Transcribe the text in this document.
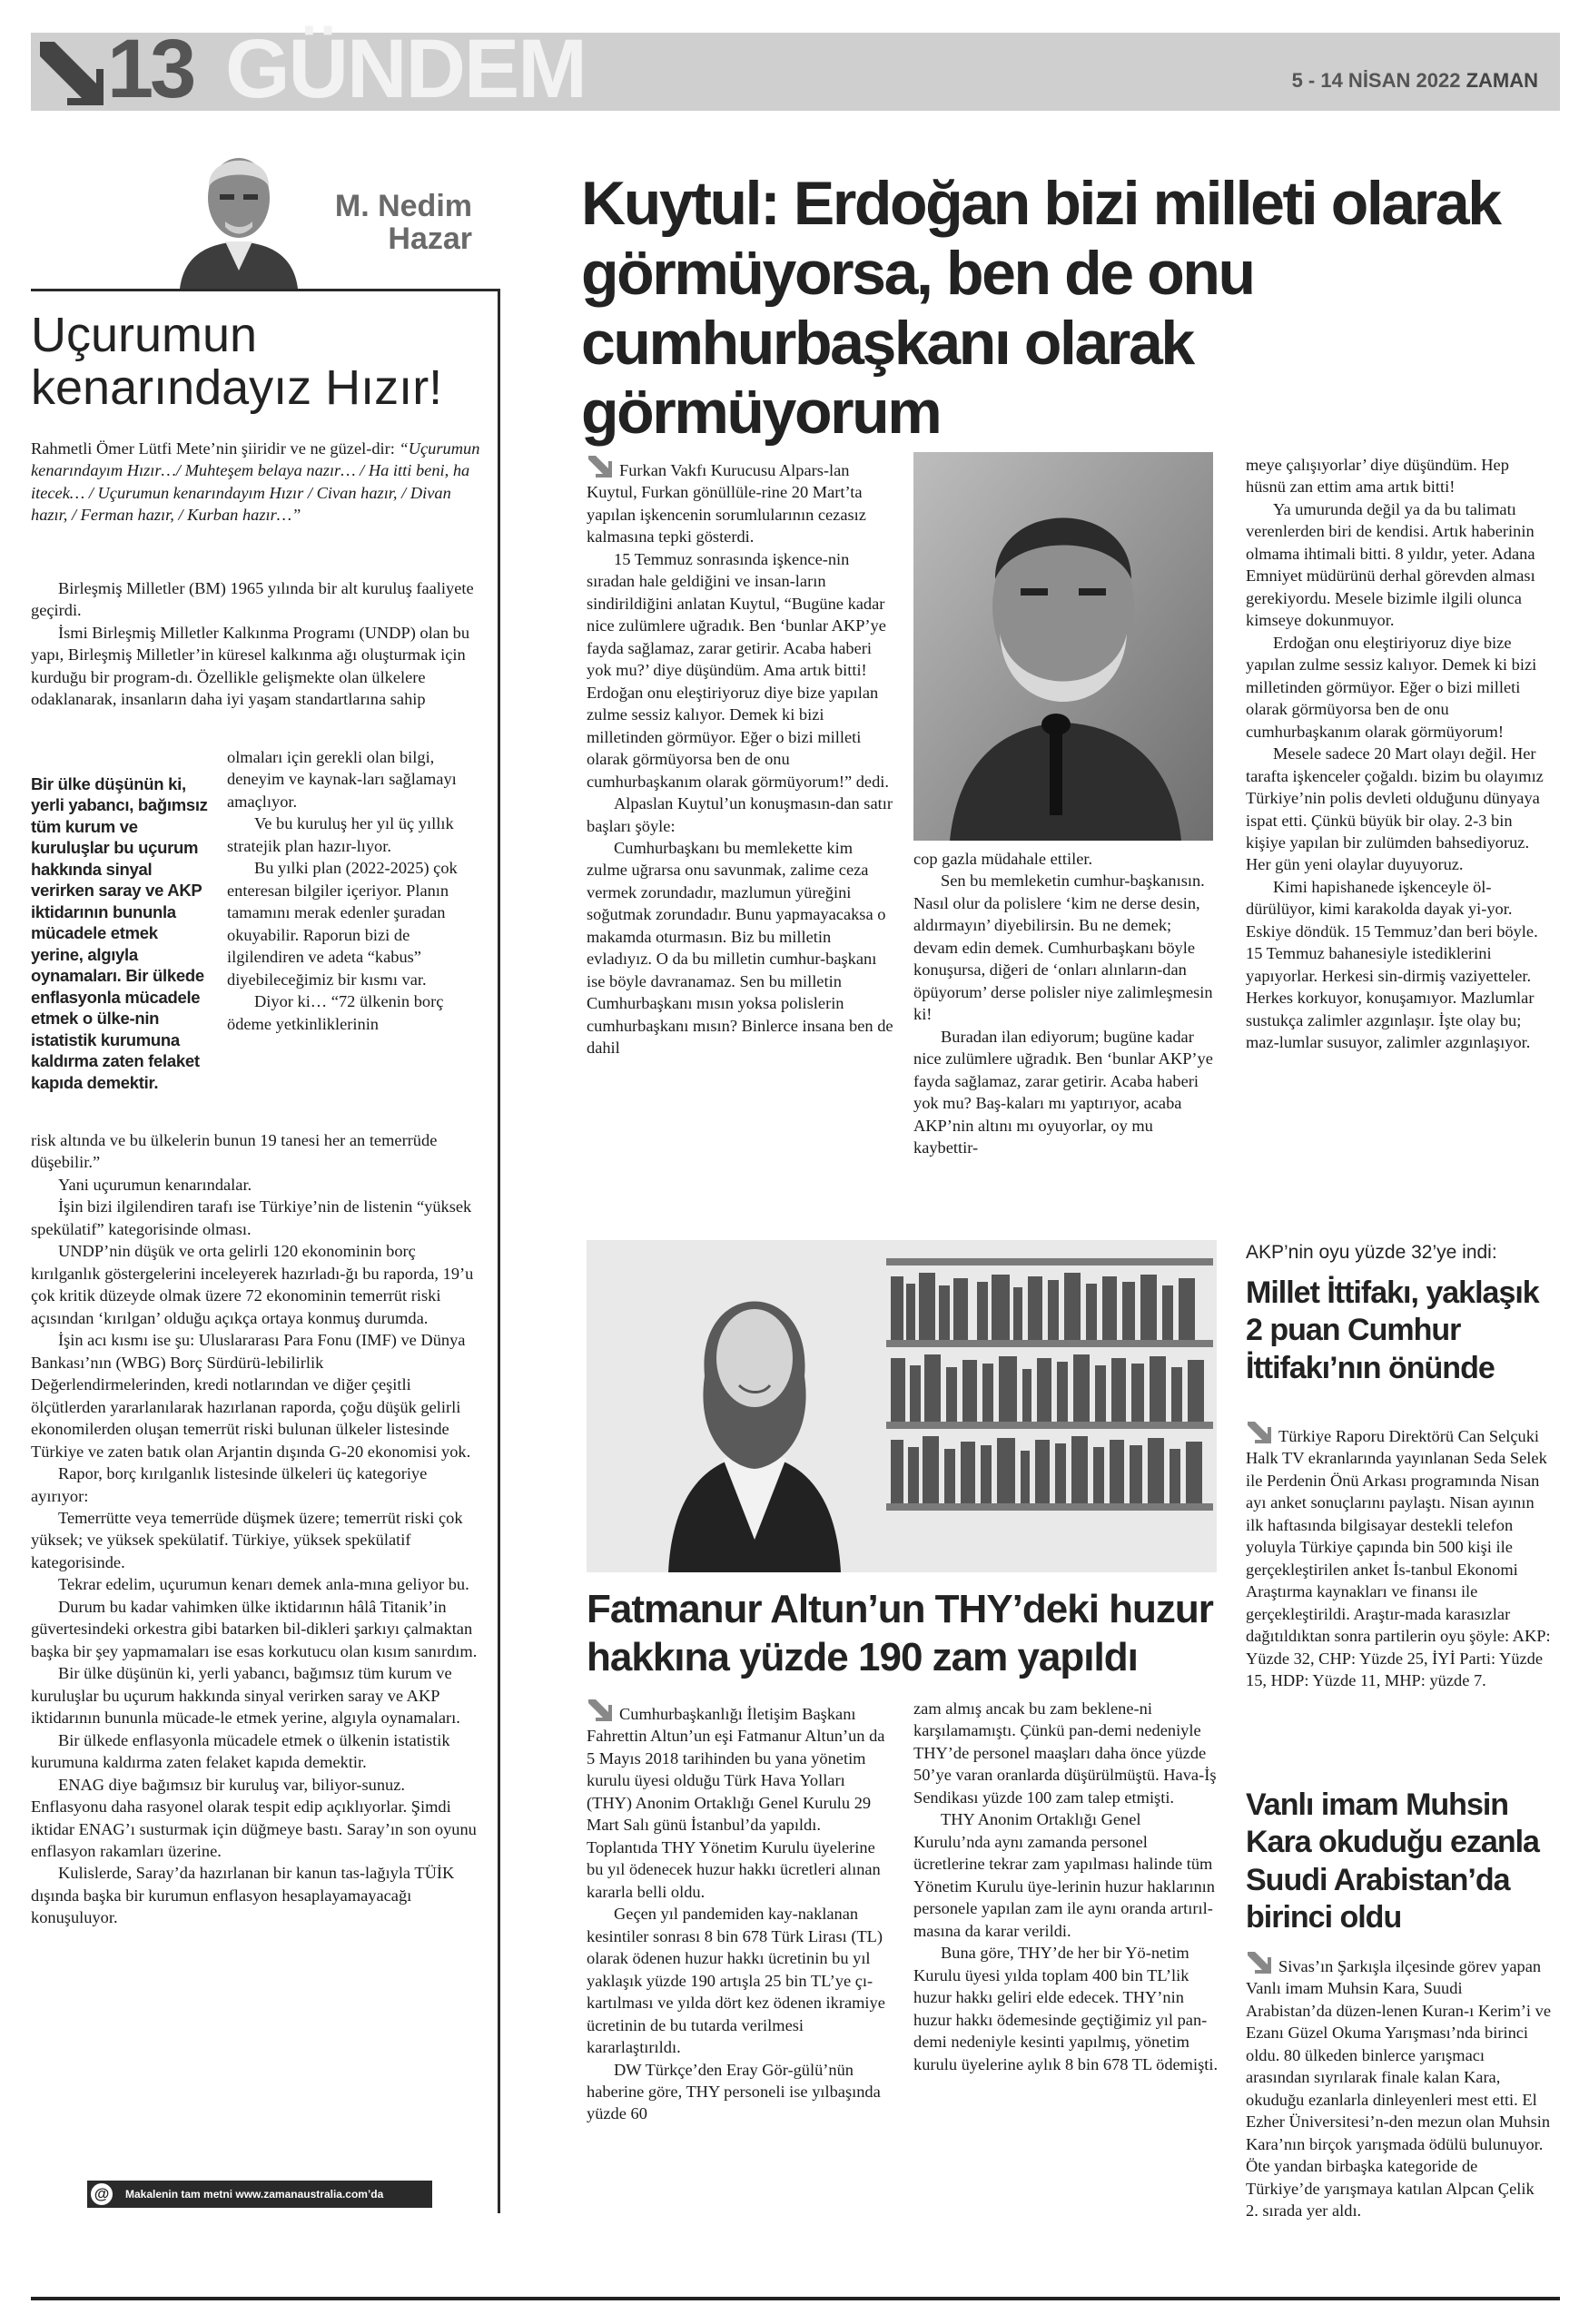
13 GÜNDEM	5 - 14 NİSAN 2022 ZAMAN
M. Nedim Hazar
Uçurumun kenarındayız Hızır!

Rahmetli Ömer Lütfi Mete’nin şiiridir ve ne güzel-dir: “Uçurumun kenarındayım Hızır…/ Muhteşem belaya nazır… / Ha itti beni, ha itecek… / Uçurumun kenarındayım Hızır / Civan hazır, / Divan hazır, / Ferman hazır, / Kurban hazır…”

Birleşmiş Milletler (BM) 1965 yılında bir alt kuruluş faaliyete geçirdi.

İsmi Birleşmiş Milletler Kalkınma Programı (UNDP) olan bu yapı, Birleşmiş Milletler’in küresel kalkınma ağı oluşturmak için kurduğu bir program-dı. Özellikle gelişmekte olan ülkelere odaklanarak, insanların daha iyi yaşam standartlarına sahip

Bir ülke düşünün ki, yerli yabancı, bağımsız tüm kurum ve kuruluşlar bu uçurum hakkında sinyal verirken saray ve AKP iktidarının bununla mücadele etmek yerine, algıyla oynamaları. Bir ülkede enflasyonla mücadele etmek o ülke-nin istatistik kurumuna kaldırma zaten felaket kapıda demektir.

olmaları için gerekli olan bilgi, deneyim ve kaynak-ları sağlamayı amaçlıyor.

Ve bu kuruluş her yıl üç yıllık stratejik plan hazır-lıyor.

Bu yılki plan (2022-2025) çok enteresan bilgiler içeriyor. Planın tamamını merak edenler şuradan okuyabilir. Raporun bizi de ilgilendiren ve adeta “kabus” diyebileceğimiz bir kısmı var.

Diyor ki… “72 ülkenin borç ödeme yetkinliklerinin

risk altında ve bu ülkelerin bunun 19 tanesi her an temerrüde düşebilir.”

Yani uçurumun kenarındalar.

İşin bizi ilgilendiren tarafı ise Türkiye’nin de listenin “yüksek spekülatif” kategorisinde olması.

UNDP’nin düşük ve orta gelirli 120 ekonominin borç kırılganlık göstergelerini inceleyerek hazırladı-ğı bu raporda, 19’u çok kritik düzeyde olmak üzere 72 ekonominin temerrüt riski açısından ‘kırılgan’ olduğu açıkça ortaya konmuş durumda.

İşin acı kısmı ise şu: Uluslararası Para Fonu (IMF) ve Dünya Bankası’nın (WBG) Borç Sürdürü-lebilirlik Değerlendirmelerinden, kredi notlarından ve diğer çeşitli ölçütlerden yararlanılarak hazırlanan raporda, çoğu düşük gelirli ekonomilerden oluşan temerrüt riski bulunan ülkeler listesinde Türkiye ve zaten batık olan Arjantin dışında G-20 ekonomisi yok.

Rapor, borç kırılganlık listesinde ülkeleri üç kategoriye ayırıyor:

Temerrütte veya temerrüde düşmek üzere; temerrüt riski çok yüksek; ve yüksek spekülatif. Türkiye, yüksek spekülatif kategorisinde.

Tekrar edelim, uçurumun kenarı demek anla-mına geliyor bu.

Durum bu kadar vahimken ülke iktidarının hâlâ Titanik’in güvertesindeki orkestra gibi batarken bil-dikleri şarkıyı çalmaktan başka bir şey yapmamaları ise esas korkutucu olan kısım sanırdım.

Bir ülke düşünün ki, yerli yabancı, bağımsız tüm kurum ve kuruluşlar bu uçurum hakkında sinyal verirken saray ve AKP iktidarının bununla mücade-le etmek yerine, algıyla oynamaları.

Bir ülkede enflasyonla mücadele etmek o ülkenin istatistik kurumuna kaldırma zaten felaket kapıda demektir.

ENAG diye bağımsız bir kuruluş var, biliyor-sunuz. Enflasyonu daha rasyonel olarak tespit edip açıklıyorlar. Şimdi iktidar ENAG’ı susturmak için düğmeye bastı. Saray’ın son oyunu enflasyon rakamları üzerine.

Kulislerde, Saray’da hazırlanan bir kanun tas-lağıyla TÜİK dışında başka bir kurumun enflasyon hesaplayamayacağı konuşuluyor.

@	Makalenin tam metni www.zamanaustralia.com’da
Kuytul: Erdoğan bizi milleti olarak görmüyorsa, ben de onu cumhurbaşkanı olarak görmüyorum

Furkan Vakfı Kurucusu Alpars-lan Kuytul, Furkan gönüllüle-rine 20 Mart’ta yapılan işkencenin sorumlularının cezasız kalmasına tepki gösterdi.

15 Temmuz sonrasında işkence-nin sıradan hale geldiğini ve insan-ların sindirildiğini anlatan Kuytul, “Bugüne kadar nice zulümlere uğradık. Ben ‘bunlar AKP’ye fayda sağlamaz, zarar getirir. Acaba haberi yok mu?’ diye düşündüm. Ama artık bitti! Erdoğan onu eleştiriyoruz diye bize yapılan zulme sessiz kalıyor. Demek ki bizi milletinden görmüyor. Eğer o bizi milleti olarak görmüyorsa ben de onu cumhurbaşkanım olarak görmüyorum!” dedi.

Alpaslan Kuytul’un konuşmasın-dan satır başları şöyle:

Cumhurbaşkanı bu memlekette kim zulme uğrarsa onu savunmak, zalime ceza vermek zorundadır, mazlumun yüreğini soğutmak zorundadır. Bunu yapmayacaksa o makamda oturmasın. Biz bu milletin evladıyız. O da bu milletin cumhur-başkanı ise böyle davranamaz. Sen bu milletin Cumhurbaşkanı mısın yoksa polislerin cumhurbaşkanı mısın? Binlerce insana ben de dahil

cop gazla müdahale ettiler.

Sen bu memleketin cumhur-başkanısın. Nasıl olur da polislere ‘kim ne derse desin, aldırmayın’ diyebilirsin. Bu ne demek; devam edin demek. Cumhurbaşkanı böyle konuşursa, diğeri de ‘onları alınların-dan öpüyorum’ derse polisler niye zalimleşmesin ki!

Buradan ilan ediyorum; bugüne kadar nice zulümlere uğradık. Ben ‘bunlar AKP’ye fayda sağlamaz, zarar getirir. Acaba haberi yok mu? Baş-kaları mı yaptırıyor, acaba AKP’nin altını mı oyuyorlar, oy mu kaybettir-

meye çalışıyorlar’ diye düşündüm. Hep hüsnü zan ettim ama artık bitti!

Ya umurunda değil ya da bu talimatı verenlerden biri de kendisi. Artık haberinin olmama ihtimali bitti. 8 yıldır, yeter. Adana Emniyet müdürünü derhal görevden alması gerekiyordu. Mesele bizimle ilgili olunca kimseye dokunmuyor.

Erdoğan onu eleştiriyoruz diye bize yapılan zulme sessiz kalıyor. Demek ki bizi milletinden görmüyor. Eğer o bizi milleti olarak görmüyorsa ben de onu cumhurbaşkanım olarak görmüyorum!

Mesele sadece 20 Mart olayı değil. Her tarafta işkenceler çoğaldı. bizim bu olayımız Türkiye’nin polis devleti olduğunu dünyaya ispat etti. Çünkü büyük bir olay. 2-3 bin kişiye yapılan bir zulümden bahsediyoruz. Her gün yeni olaylar duyuyoruz.

Kimi hapishanede işkenceyle öl-dürülüyor, kimi karakolda dayak yi-yor. Eskiye döndük. 15 Temmuz’dan beri böyle. 15 Temmuz bahanesiyle istediklerini yapıyorlar. Herkesi sin-dirmiş vaziyetteler. Herkes korkuyor, konuşamıyor. Mazlumlar sustukça zalimler azgınlaşır. İşte olay bu; maz-lumlar susuyor, zalimler azgınlaşıyor.

Fatmanur Altun’un THY’deki huzur hakkına yüzde 190 zam yapıldı

Cumhurbaşkanlığı İletişim Başkanı Fahrettin Altun’un eşi Fatmanur Altun’un da 5 Mayıs 2018 tarihinden bu yana yönetim kurulu üyesi olduğu Türk Hava Yolları (THY) Anonim Ortaklığı Genel Kurulu 29 Mart Salı günü İstanbul’da yapıldı. Toplantıda THY Yönetim Kurulu üyelerine bu yıl ödenecek huzur hakkı ücretleri alınan kararla belli oldu.

Geçen yıl pandemiden kay-naklanan kesintiler sonrası 8 bin 678 Türk Lirası (TL) olarak ödenen huzur hakkı ücretinin bu yıl yaklaşık yüzde 190 artışla 25 bin TL’ye çı-kartılması ve yılda dört kez ödenen ikramiye ücretinin de bu tutarda verilmesi kararlaştırıldı.

DW Türkçe’den Eray Gör-gülü’nün haberine göre, THY personeli ise yılbaşında yüzde 60

zam almış ancak bu zam beklene-ni karşılamamıştı. Çünkü pan-demi nedeniyle THY’de personel maaşları daha önce yüzde 50’ye varan oranlarda düşürülmüştü. Hava-İş Sendikası yüzde 100 zam talep etmişti.

THY Anonim Ortaklığı Genel Kurulu’nda aynı zamanda personel ücretlerine tekrar zam yapılması halinde tüm Yönetim Kurulu üye-lerinin huzur haklarının personele yapılan zam ile aynı oranda artırıl-masına da karar verildi.

Buna göre, THY’de her bir Yö-netim Kurulu üyesi yılda toplam 400 bin TL’lik huzur hakkı geliri elde edecek. THY’nin huzur hakkı ödemesinde geçtiğimiz yıl pan-demi nedeniyle kesinti yapılmış, yönetim kurulu üyelerine aylık 8 bin 678 TL ödemişti.

AKP’nin oyu yüzde 32’ye indi:
Millet İttifakı, yaklaşık 2 puan Cumhur İttifakı’nın önünde

Türkiye Raporu Direktörü Can Selçuki Halk TV ekranlarında yayınlanan Seda Selek ile Perdenin Önü Arkası programında Nisan ayı anket sonuçlarını paylaştı. Nisan ayının ilk haftasında bilgisayar destekli telefon yoluyla Türkiye çapında bin 500 kişi ile gerçekleştirilen anket İs-tanbul Ekonomi Araştırma kaynakları ve finansı ile gerçekleştirildi. Araştır-mada karasızlar dağıtıldıktan sonra partilerin oyu şöyle: AKP: Yüzde 32, CHP: Yüzde 25, İYİ Parti: Yüzde 15, HDP: Yüzde 11, MHP: yüzde 7.

Vanlı imam Muhsin Kara okuduğu ezanla Suudi Arabistan’da birinci oldu

Sivas’ın Şarkışla ilçesinde görev yapan Vanlı imam Muhsin Kara, Suudi Arabistan’da düzen-lenen Kuran-ı Kerim’i ve Ezanı Güzel Okuma Yarışması’nda birinci oldu. 80 ülkeden binlerce yarışmacı arasından sıyrılarak finale kalan Kara, okuduğu ezanlarla dinleyenleri mest etti. El Ezher Üniversitesi’n-den mezun olan Muhsin Kara’nın birçok yarışmada ödülü bulunuyor. Öte yandan birbaşka kategoride de Türkiye’de yarışmaya katılan Alpcan Çelik 2. sırada yer aldı.
